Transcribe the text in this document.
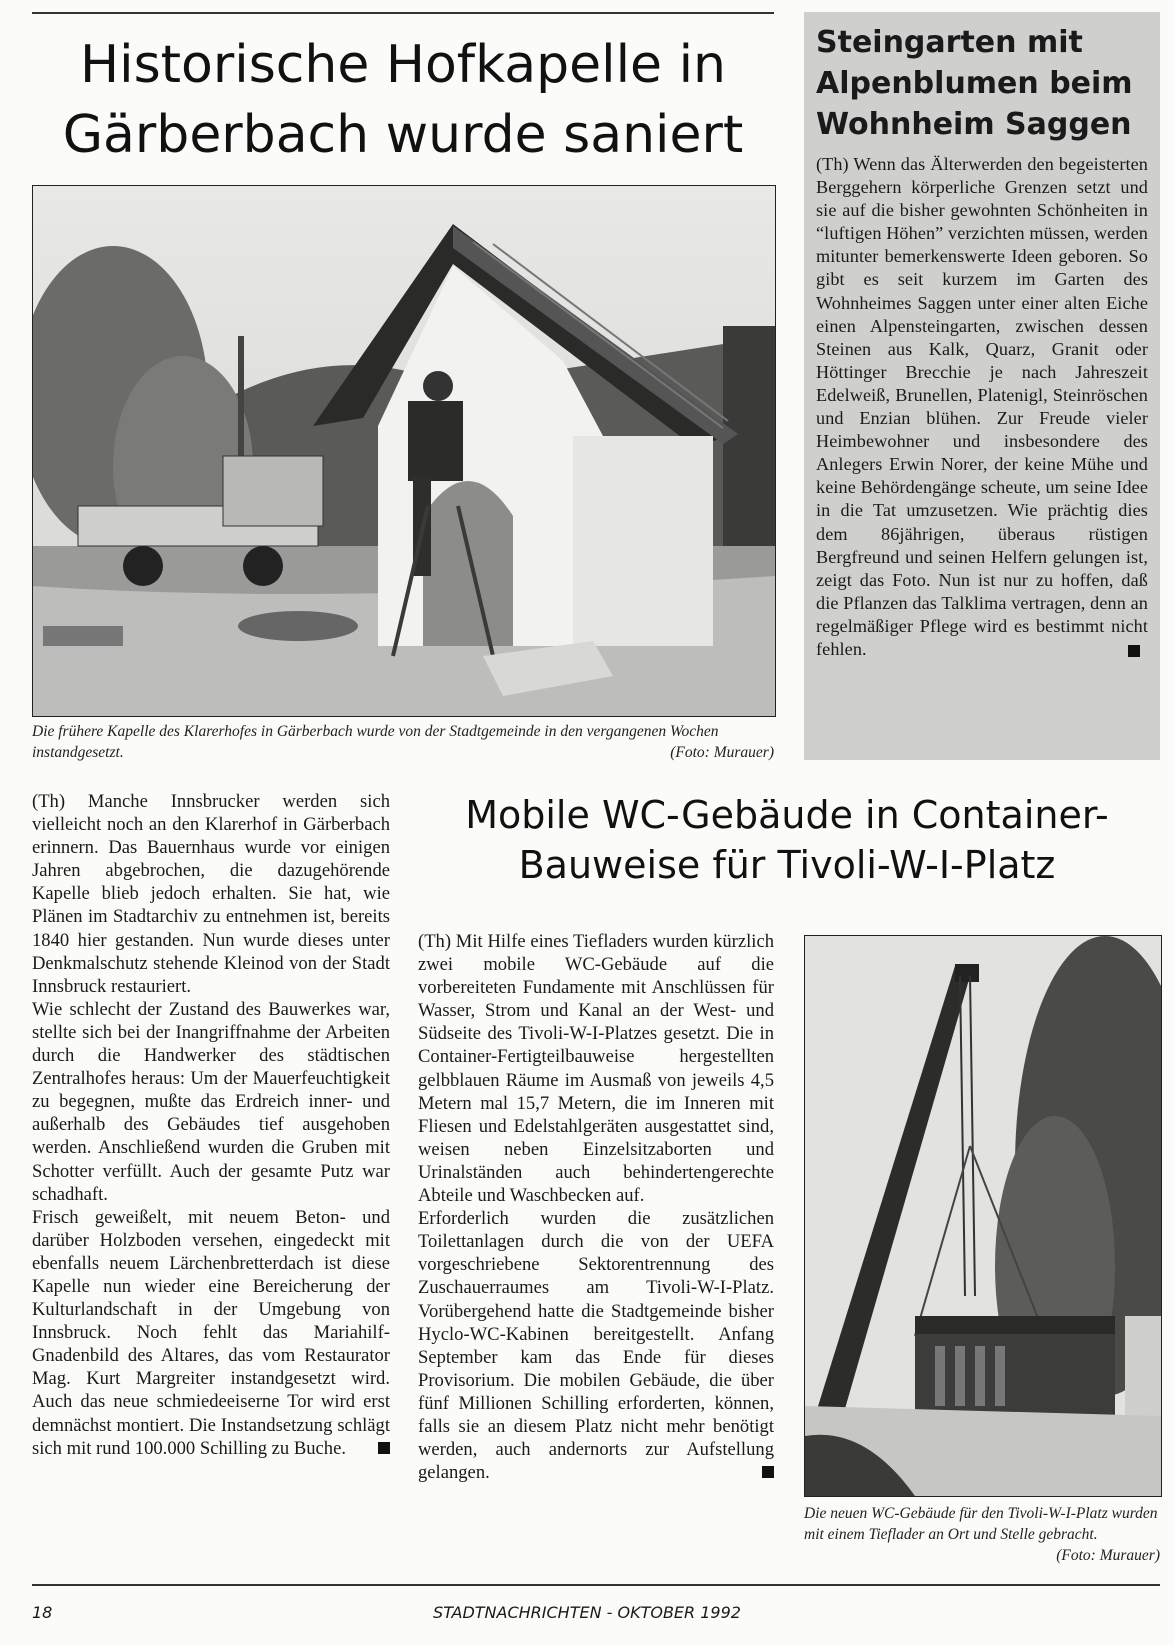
Historische Hofkapelle in
Gärberbach wurde saniert

Die frühere Kapelle des Klarerhofes in Gärberbach wurde von der Stadtgemeinde in den vergangenen Wochen instandgesetzt.	(Foto: Murauer)

Steingarten mit Alpenblumen beim Wohnheim Saggen

(Th) Wenn das Älterwerden den begeisterten Berggehern körperliche Grenzen setzt und sie auf die bisher gewohnten Schönheiten in “luftigen Höhen” verzichten müssen, werden mitunter bemerkenswerte Ideen geboren. So gibt es seit kurzem im Garten des Wohnheimes Saggen unter einer alten Eiche einen Alpensteingarten, zwischen dessen Steinen aus Kalk, Quarz, Granit oder Höttinger Brecchie je nach Jahreszeit Edelweiß, Brunellen, Platenigl, Steinröschen und Enzian blühen. Zur Freude vieler Heimbewohner und insbesondere des Anlegers Erwin Norer, der keine Mühe und keine Behördengänge scheute, um seine Idee in die Tat umzusetzen. Wie prächtig dies dem 86jährigen, überaus rüstigen Bergfreund und seinen Helfern gelungen ist, zeigt das Foto. Nun ist nur zu hoffen, daß die Pflanzen das Talklima vertragen, denn an regelmäßiger Pflege wird es bestimmt nicht fehlen.

(Th) Manche Innsbrucker werden sich vielleicht noch an den Klarerhof in Gärberbach erinnern. Das Bauernhaus wurde vor einigen Jahren abgebrochen, die dazugehörende Kapelle blieb jedoch erhalten. Sie hat, wie Plänen im Stadtarchiv zu entnehmen ist, bereits 1840 hier gestanden. Nun wurde dieses unter Denkmalschutz stehende Kleinod von der Stadt Innsbruck restauriert.

Wie schlecht der Zustand des Bauwerkes war, stellte sich bei der Inangriffnahme der Arbeiten durch die Handwerker des städtischen Zentralhofes heraus: Um der Mauerfeuchtigkeit zu begegnen, mußte das Erdreich inner- und außerhalb des Gebäudes tief ausgehoben werden. Anschließend wurden die Gruben mit Schotter verfüllt. Auch der gesamte Putz war schadhaft.

Frisch geweißelt, mit neuem Beton- und darüber Holzboden versehen, eingedeckt mit ebenfalls neuem Lärchenbretterdach ist diese Kapelle nun wieder eine Bereicherung der Kulturlandschaft in der Umgebung von Innsbruck. Noch fehlt das Mariahilf-Gnadenbild des Altares, das vom Restaurator Mag. Kurt Margreiter instandgesetzt wird. Auch das neue schmiedeeiserne Tor wird erst demnächst montiert. Die Instandsetzung schlägt sich mit rund 100.000 Schilling zu Buche.

Mobile WC-Gebäude in Container-
Bauweise für Tivoli-W-I-Platz

(Th) Mit Hilfe eines Tiefladers wurden kürzlich zwei mobile WC-Gebäude auf die vorbereiteten Fundamente mit Anschlüssen für Wasser, Strom und Kanal an der West- und Südseite des Tivoli-W-I-Platzes gesetzt. Die in Container-Fertigteilbauweise hergestellten gelbblauen Räume im Ausmaß von jeweils 4,5 Metern mal 15,7 Metern, die im Inneren mit Fliesen und Edelstahlgeräten ausgestattet sind, weisen neben Einzelsitzaborten und Urinalständen auch behindertengerechte Abteile und Waschbecken auf.

Erforderlich wurden die zusätzlichen Toilettanlagen durch die von der UEFA vorgeschriebene Sektorentrennung des Zuschauerraumes am Tivoli-W-I-Platz. Vorübergehend hatte die Stadtgemeinde bisher Hyclo-WC-Kabinen bereitgestellt. Anfang September kam das Ende für dieses Provisorium. Die mobilen Gebäude, die über fünf Millionen Schilling erforderten, können, falls sie an diesem Platz nicht mehr benötigt werden, auch andernorts zur Aufstellung gelangen.

Die neuen WC-Gebäude für den Tivoli-W-I-Platz wurden mit einem Tieflader an Ort und Stelle gebracht.
(Foto: Murauer)

18	STADTNACHRICHTEN - OKTOBER 1992
